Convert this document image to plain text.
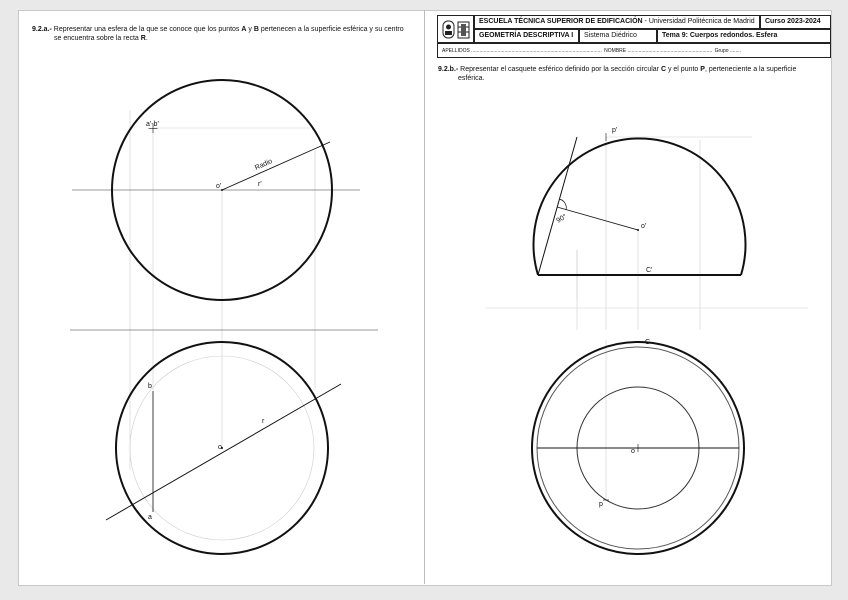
9.2.a.- Representar una esfera de la que se conoce que los puntos A y B pertenecen a la superficie esférica y su centro
se encuentra sobre la recta R.
ESCUELA TÉCNICA SUPERIOR DE EDIFICACIÓN - Universidad Politécnica de Madrid	Curso 2023-2024
GEOMETRÍA DESCRIPTIVA I	Sistema Diédrico	Tema 9: Cuerpos redondos. Esfera
APELLIDOS .............................................................................................. NOMBRE ............................................................. Grupo ........
9.2.b.- Representar el casquete esférico definido por la sección circular C y el punto P, perteneciente a la superficie
esférica.
a'-b'
Radio
o'	r'
b
a
o
r
p'
90°
o'
C'
C
o
p
